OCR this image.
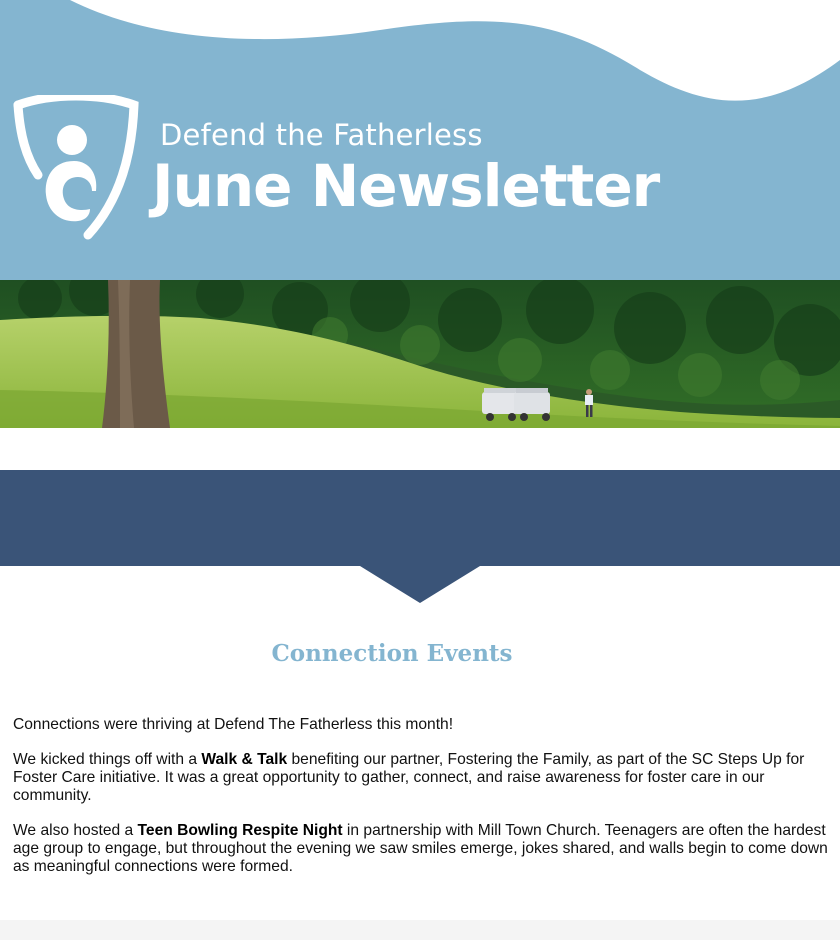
Defend the Fatherless
June Newsletter
Connection Events

Connections were thriving at Defend The Fatherless this month!

We kicked things off with a Walk & Talk benefiting our partner, Fostering the Family, as part of the SC Steps Up for Foster Care initiative. It was a great opportunity to gather, connect, and raise awareness for foster care in our community.

We also hosted a Teen Bowling Respite Night in partnership with Mill Town Church. Teenagers are often the hardest age group to engage, but throughout the evening we saw smiles emerge, jokes shared, and walls begin to come down as meaningful connections were formed.
